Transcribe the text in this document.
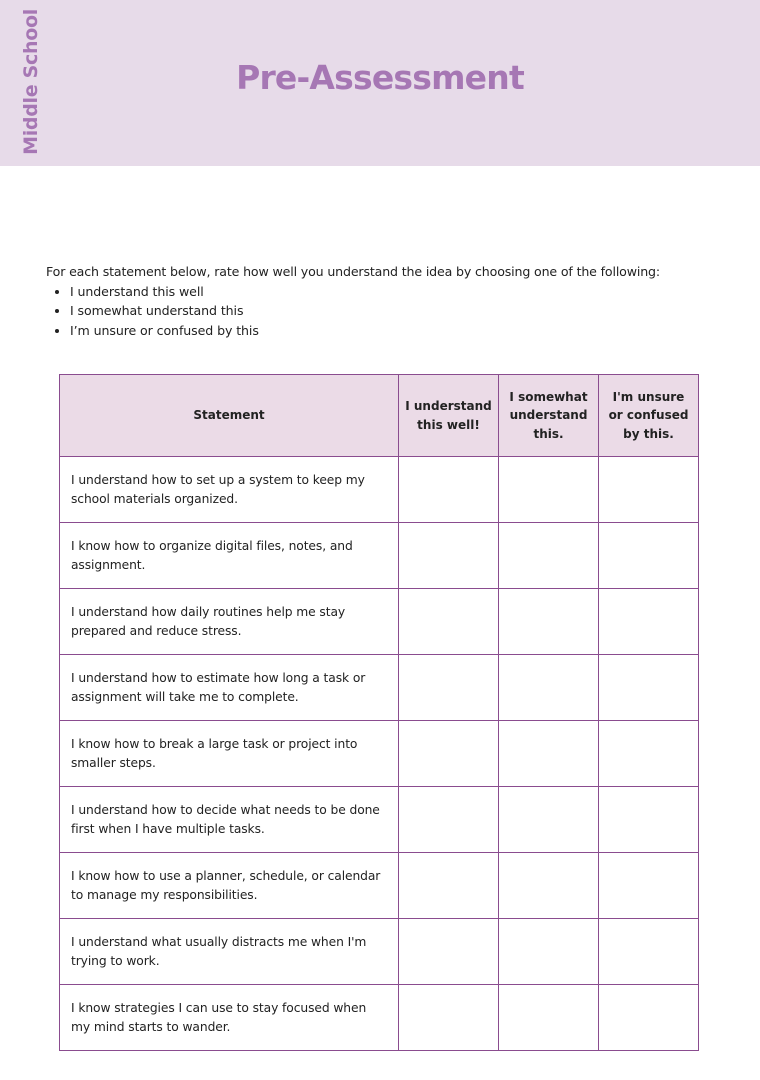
Middle School	Pre-Assessment

For each statement below, rate how well you understand the idea by choosing one of the following:

• I understand this well
• I somewhat understand this
• I’m unsure or confused by this
Statement	I understand this well!	I somewhat understand this.	I'm unsure or confused by this.
I understand how to set up a system to keep my school materials organized.			
I know how to organize digital files, notes, and assignment.			
I understand how daily routines help me stay prepared and reduce stress.			
I understand how to estimate how long a task or assignment will take me to complete.			
I know how to break a large task or project into smaller steps.			
I understand how to decide what needs to be done first when I have multiple tasks.			
I know how to use a planner, schedule, or calendar to manage my responsibilities.			
I understand what usually distracts me when I'm trying to work.			
I know strategies I can use to stay focused when my mind starts to wander.			
